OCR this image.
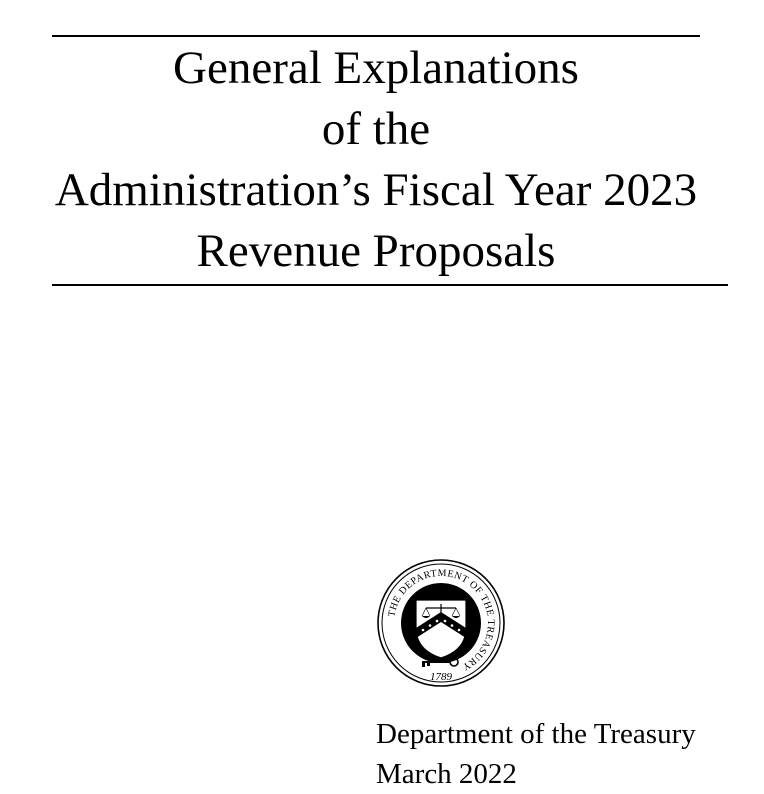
General Explanations
of the
Administration’s Fiscal Year 2023
Revenue Proposals
THE DEPARTMENT OF THE TREASURY
1789
Department of the Treasury
March 2022
